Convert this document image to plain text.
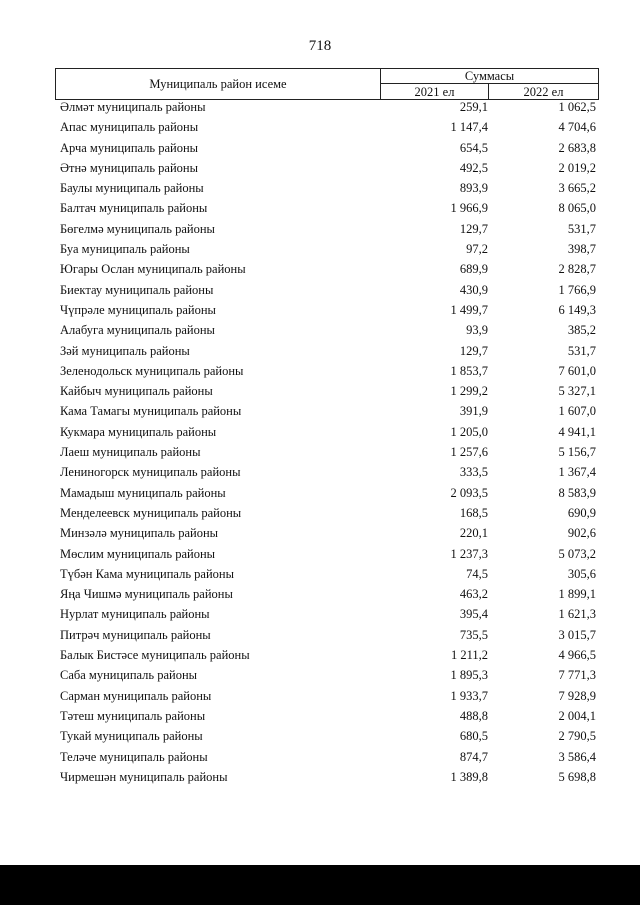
718
Муниципаль район исеме
Суммасы
2021 ел	2022 ел
Әлмәт муниципаль районы	259,1	1 062,5
Апас муниципаль районы	1 147,4	4 704,6
Арча муниципаль районы	654,5	2 683,8
Әтнә муниципаль районы	492,5	2 019,2
Баулы муниципаль районы	893,9	3 665,2
Балтач муниципаль районы	1 966,9	8 065,0
Бөгелмә муниципаль районы	129,7	531,7
Буа муниципаль районы	97,2	398,7
Югары Ослан муниципаль районы	689,9	2 828,7
Биектау муниципаль районы	430,9	1 766,9
Чүпрәле муниципаль районы	1 499,7	6 149,3
Алабуга муниципаль районы	93,9	385,2
Зәй муниципаль районы	129,7	531,7
Зеленодольск муниципаль районы	1 853,7	7 601,0
Кайбыч муниципаль районы	1 299,2	5 327,1
Кама Тамагы муниципаль районы	391,9	1 607,0
Кукмара муниципаль районы	1 205,0	4 941,1
Лаеш муниципаль районы	1 257,6	5 156,7
Лениногорск муниципаль районы	333,5	1 367,4
Мамадыш муниципаль районы	2 093,5	8 583,9
Менделеевск муниципаль районы	168,5	690,9
Минзәлә муниципаль районы	220,1	902,6
Мөслим муниципаль районы	1 237,3	5 073,2
Түбән Кама муниципаль районы	74,5	305,6
Яңа Чишмә муниципаль районы	463,2	1 899,1
Нурлат муниципаль районы	395,4	1 621,3
Питрәч муниципаль районы	735,5	3 015,7
Балык Бистәсе муниципаль районы	1 211,2	4 966,5
Саба муниципаль районы	1 895,3	7 771,3
Сарман муниципаль районы	1 933,7	7 928,9
Тәтеш муниципаль районы	488,8	2 004,1
Тукай муниципаль районы	680,5	2 790,5
Теләче муниципаль районы	874,7	3 586,4
Чирмешән муниципаль районы	1 389,8	5 698,8
